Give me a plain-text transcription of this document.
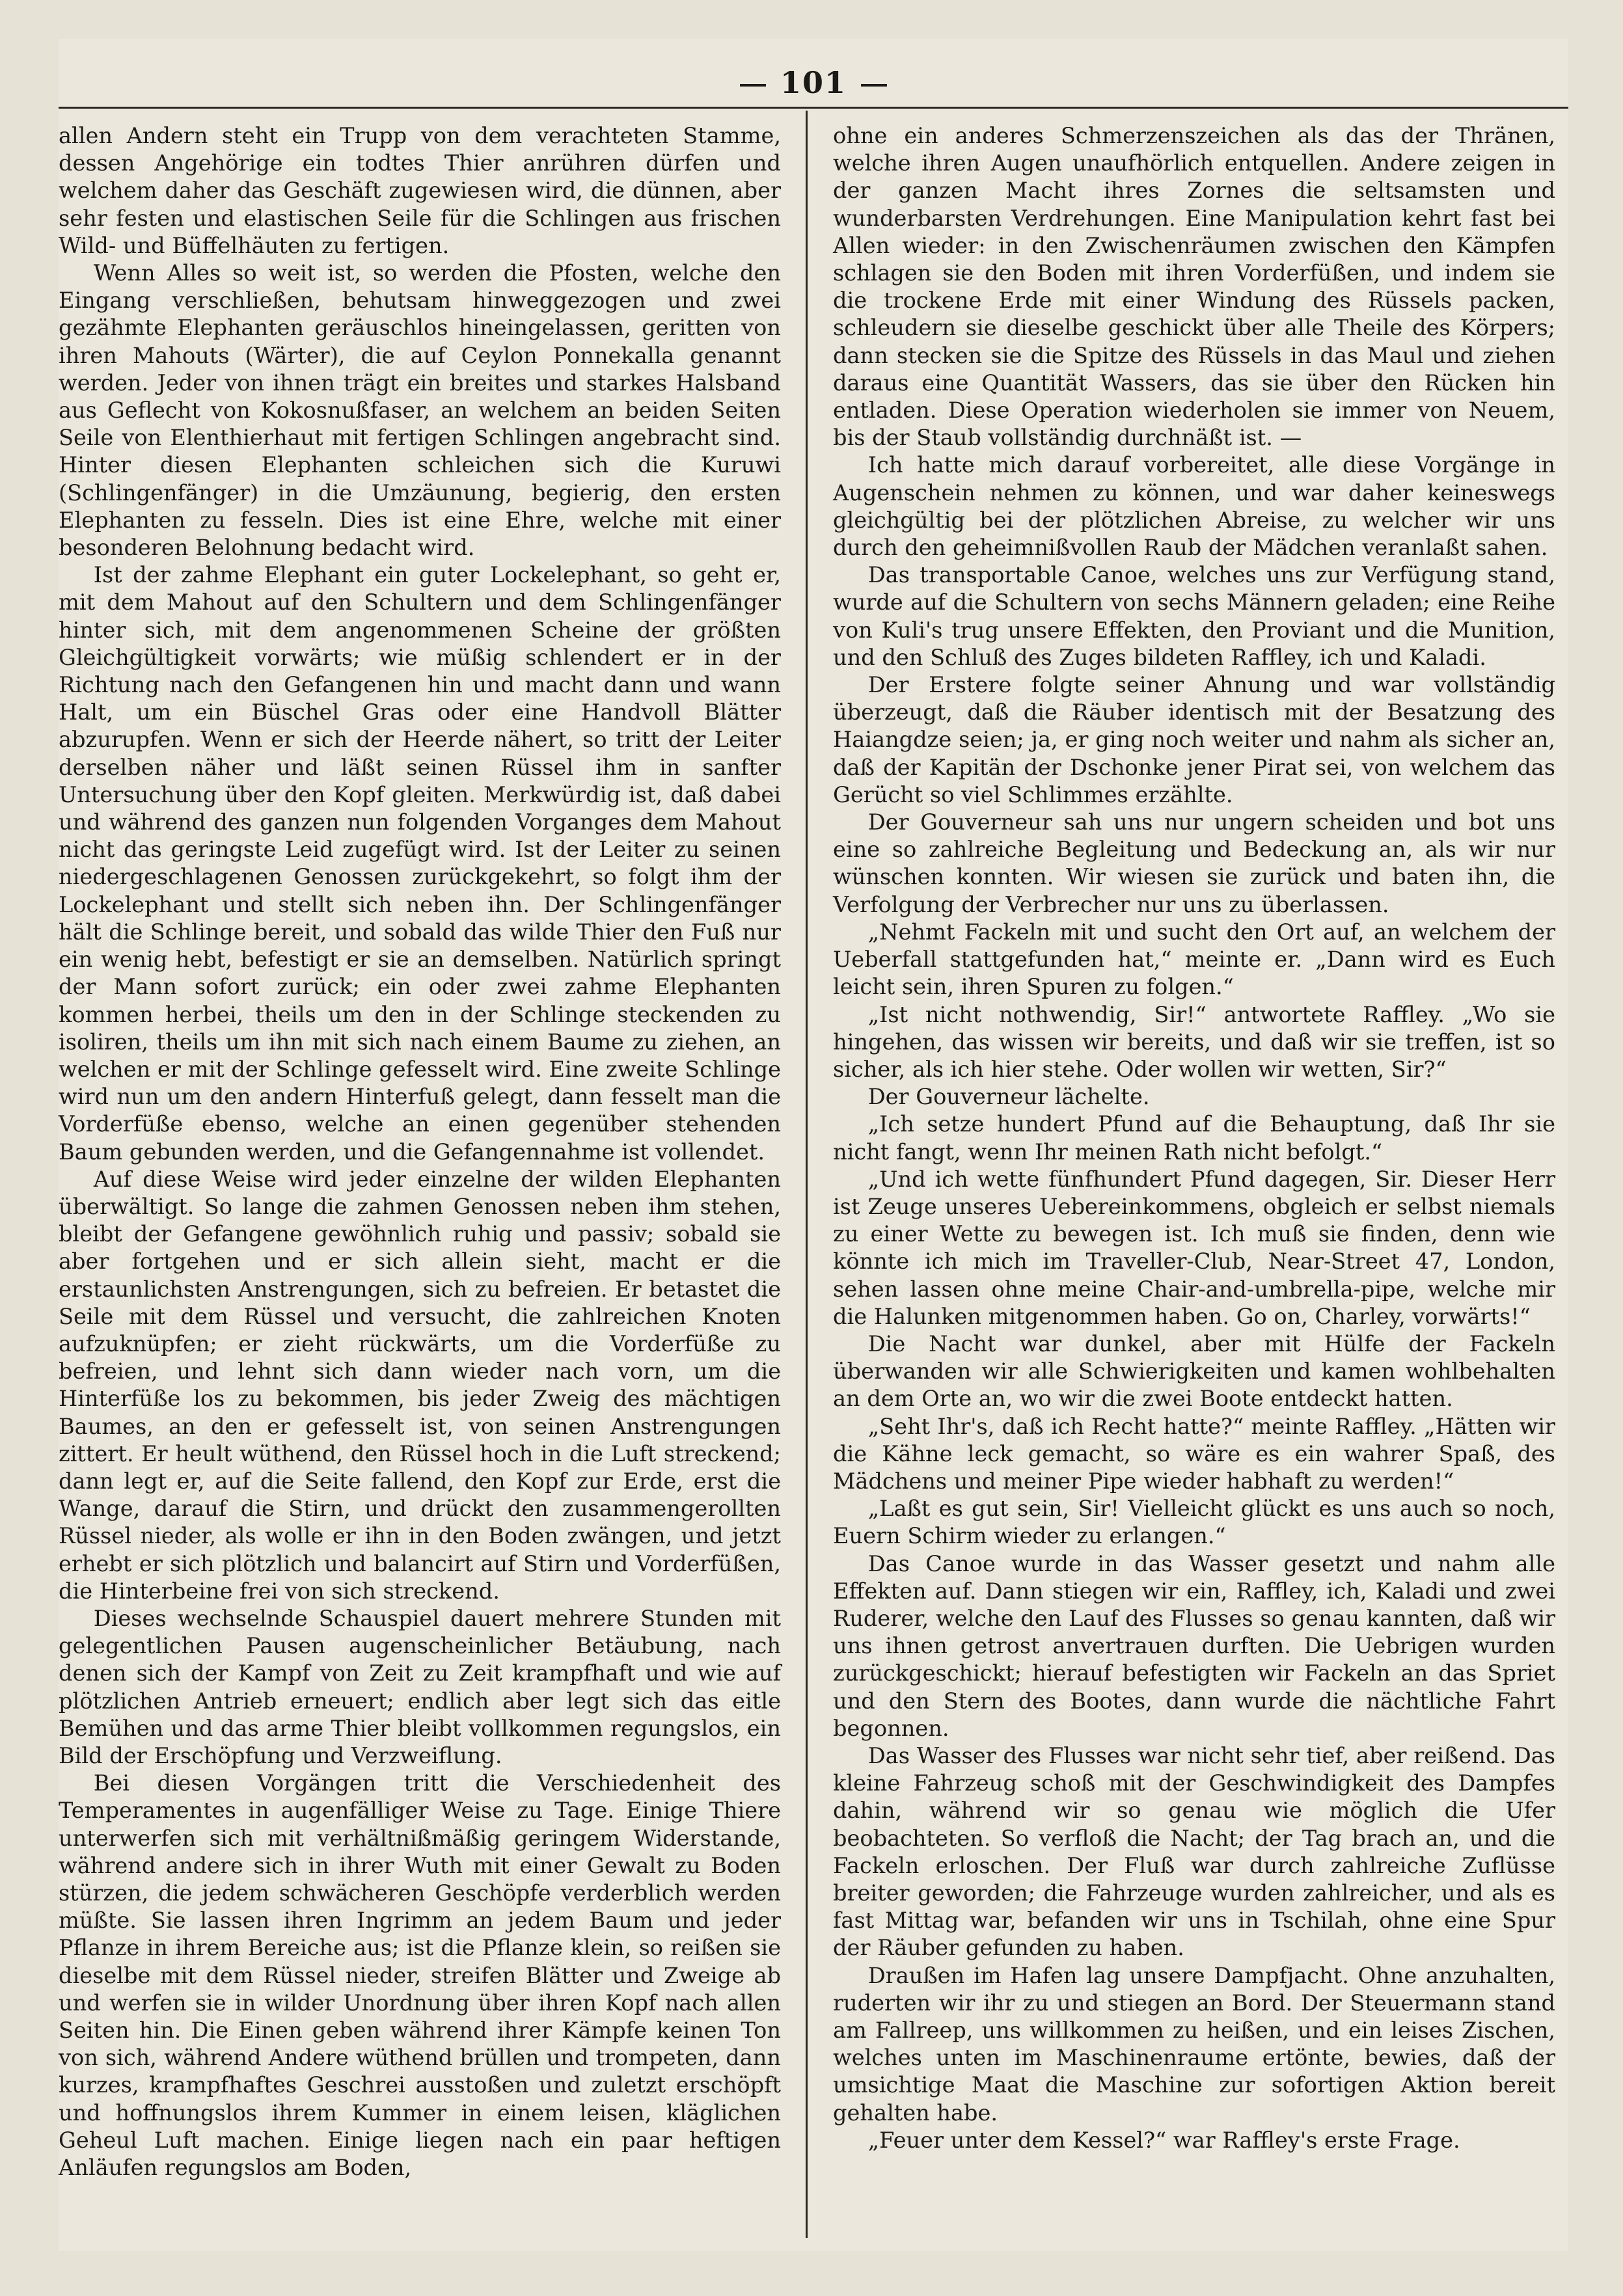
101

allen Andern steht ein Trupp von dem verachteten Stamme, dessen Angehörige ein todtes Thier anrühren dürfen und welchem daher das Geschäft zugewiesen wird, die dünnen, aber sehr festen und elastischen Seile für die Schlingen aus frischen Wild- und Büffelhäuten zu fertigen.

Wenn Alles so weit ist, so werden die Pfosten, welche den Eingang verschließen, behutsam hinweggezogen und zwei gezähmte Elephanten geräuschlos hineingelassen, geritten von ihren Mahouts (Wärter), die auf Ceylon Ponnekalla genannt werden. Jeder von ihnen trägt ein breites und starkes Halsband aus Geflecht von Kokosnußfaser, an welchem an beiden Seiten Seile von Elenthierhaut mit fertigen Schlingen angebracht sind. Hinter diesen Elephanten schleichen sich die Kuruwi (Schlingenfänger) in die Umzäunung, begierig, den ersten Elephanten zu fesseln. Dies ist eine Ehre, welche mit einer besonderen Belohnung bedacht wird.

Ist der zahme Elephant ein guter Lockelephant, so geht er, mit dem Mahout auf den Schultern und dem Schlingenfänger hinter sich, mit dem angenommenen Scheine der größten Gleichgültigkeit vorwärts; wie müßig schlendert er in der Richtung nach den Gefangenen hin und macht dann und wann Halt, um ein Büschel Gras oder eine Handvoll Blätter abzurupfen. Wenn er sich der Heerde nähert, so tritt der Leiter derselben näher und läßt seinen Rüssel ihm in sanfter Untersuchung über den Kopf gleiten. Merkwürdig ist, daß dabei und während des ganzen nun folgenden Vorganges dem Mahout nicht das geringste Leid zugefügt wird. Ist der Leiter zu seinen niedergeschlagenen Genossen zurückgekehrt, so folgt ihm der Lockelephant und stellt sich neben ihn. Der Schlingenfänger hält die Schlinge bereit, und sobald das wilde Thier den Fuß nur ein wenig hebt, befestigt er sie an demselben. Natürlich springt der Mann sofort zurück; ein oder zwei zahme Elephanten kommen herbei, theils um den in der Schlinge steckenden zu isoliren, theils um ihn mit sich nach einem Baume zu ziehen, an welchen er mit der Schlinge gefesselt wird. Eine zweite Schlinge wird nun um den andern Hinterfuß gelegt, dann fesselt man die Vorderfüße ebenso, welche an einen gegenüber stehenden Baum gebunden werden, und die Gefangennahme ist vollendet.

Auf diese Weise wird jeder einzelne der wilden Elephanten überwältigt. So lange die zahmen Genossen neben ihm stehen, bleibt der Gefangene gewöhnlich ruhig und passiv; sobald sie aber fortgehen und er sich allein sieht, macht er die erstaunlichsten Anstrengungen, sich zu befreien. Er betastet die Seile mit dem Rüssel und versucht, die zahlreichen Knoten aufzuknüpfen; er zieht rückwärts, um die Vorderfüße zu befreien, und lehnt sich dann wieder nach vorn, um die Hinterfüße los zu bekommen, bis jeder Zweig des mächtigen Baumes, an den er gefesselt ist, von seinen Anstrengungen zittert. Er heult wüthend, den Rüssel hoch in die Luft streckend; dann legt er, auf die Seite fallend, den Kopf zur Erde, erst die Wange, darauf die Stirn, und drückt den zusammengerollten Rüssel nieder, als wolle er ihn in den Boden zwängen, und jetzt erhebt er sich plötzlich und balancirt auf Stirn und Vorderfüßen, die Hinterbeine frei von sich streckend.

Dieses wechselnde Schauspiel dauert mehrere Stunden mit gelegentlichen Pausen augenscheinlicher Betäubung, nach denen sich der Kampf von Zeit zu Zeit krampfhaft und wie auf plötzlichen Antrieb erneuert; endlich aber legt sich das eitle Bemühen und das arme Thier bleibt vollkommen regungslos, ein Bild der Erschöpfung und Verzweiflung.

Bei diesen Vorgängen tritt die Verschiedenheit des Temperamentes in augenfälliger Weise zu Tage. Einige Thiere unterwerfen sich mit verhältnißmäßig geringem Widerstande, während andere sich in ihrer Wuth mit einer Gewalt zu Boden stürzen, die jedem schwächeren Geschöpfe verderblich werden müßte. Sie lassen ihren Ingrimm an jedem Baum und jeder Pflanze in ihrem Bereiche aus; ist die Pflanze klein, so reißen sie dieselbe mit dem Rüssel nieder, streifen Blätter und Zweige ab und werfen sie in wilder Unordnung über ihren Kopf nach allen Seiten hin. Die Einen geben während ihrer Kämpfe keinen Ton von sich, während Andere wüthend brüllen und trompeten, dann kurzes, krampfhaftes Geschrei ausstoßen und zuletzt erschöpft und hoffnungslos ihrem Kummer in einem leisen, kläglichen Geheul Luft machen. Einige liegen nach ein paar heftigen Anläufen regungslos am Boden,

ohne ein anderes Schmerzenszeichen als das der Thränen, welche ihren Augen unaufhörlich entquellen. Andere zeigen in der ganzen Macht ihres Zornes die seltsamsten und wunderbarsten Verdrehungen. Eine Manipulation kehrt fast bei Allen wieder: in den Zwischenräumen zwischen den Kämpfen schlagen sie den Boden mit ihren Vorderfüßen, und indem sie die trockene Erde mit einer Windung des Rüssels packen, schleudern sie dieselbe geschickt über alle Theile des Körpers; dann stecken sie die Spitze des Rüssels in das Maul und ziehen daraus eine Quantität Wassers, das sie über den Rücken hin entladen. Diese Operation wiederholen sie immer von Neuem, bis der Staub vollständig durchnäßt ist. —

Ich hatte mich darauf vorbereitet, alle diese Vorgänge in Augenschein nehmen zu können, und war daher keineswegs gleichgültig bei der plötzlichen Abreise, zu welcher wir uns durch den geheimnißvollen Raub der Mädchen veranlaßt sahen.

Das transportable Canoe, welches uns zur Verfügung stand, wurde auf die Schultern von sechs Männern geladen; eine Reihe von Kuli's trug unsere Effekten, den Proviant und die Munition, und den Schluß des Zuges bildeten Raffley, ich und Kaladi.

Der Erstere folgte seiner Ahnung und war vollständig überzeugt, daß die Räuber identisch mit der Besatzung des Haiangdze seien; ja, er ging noch weiter und nahm als sicher an, daß der Kapitän der Dschonke jener Pirat sei, von welchem das Gerücht so viel Schlimmes erzählte.

Der Gouverneur sah uns nur ungern scheiden und bot uns eine so zahlreiche Begleitung und Bedeckung an, als wir nur wünschen konnten. Wir wiesen sie zurück und baten ihn, die Verfolgung der Verbrecher nur uns zu überlassen.

„Nehmt Fackeln mit und sucht den Ort auf, an welchem der Ueberfall stattgefunden hat,“ meinte er. „Dann wird es Euch leicht sein, ihren Spuren zu folgen.“

„Ist nicht nothwendig, Sir!“ antwortete Raffley. „Wo sie hingehen, das wissen wir bereits, und daß wir sie treffen, ist so sicher, als ich hier stehe. Oder wollen wir wetten, Sir?“

Der Gouverneur lächelte.

„Ich setze hundert Pfund auf die Behauptung, daß Ihr sie nicht fangt, wenn Ihr meinen Rath nicht befolgt.“

„Und ich wette fünfhundert Pfund dagegen, Sir. Dieser Herr ist Zeuge unseres Uebereinkommens, obgleich er selbst niemals zu einer Wette zu bewegen ist. Ich muß sie finden, denn wie könnte ich mich im Traveller-Club, Near-Street 47, London, sehen lassen ohne meine Chair-and-umbrella-pipe, welche mir die Halunken mitgenommen haben. Go on, Charley, vorwärts!“

Die Nacht war dunkel, aber mit Hülfe der Fackeln überwanden wir alle Schwierigkeiten und kamen wohlbehalten an dem Orte an, wo wir die zwei Boote entdeckt hatten.

„Seht Ihr's, daß ich Recht hatte?“ meinte Raffley. „Hätten wir die Kähne leck gemacht, so wäre es ein wahrer Spaß, des Mädchens und meiner Pipe wieder habhaft zu werden!“

„Laßt es gut sein, Sir! Vielleicht glückt es uns auch so noch, Euern Schirm wieder zu erlangen.“

Das Canoe wurde in das Wasser gesetzt und nahm alle Effekten auf. Dann stiegen wir ein, Raffley, ich, Kaladi und zwei Ruderer, welche den Lauf des Flusses so genau kannten, daß wir uns ihnen getrost anvertrauen durften. Die Uebrigen wurden zurückgeschickt; hierauf befestigten wir Fackeln an das Spriet und den Stern des Bootes, dann wurde die nächtliche Fahrt begonnen.

Das Wasser des Flusses war nicht sehr tief, aber reißend. Das kleine Fahrzeug schoß mit der Geschwindigkeit des Dampfes dahin, während wir so genau wie möglich die Ufer beobachteten. So verfloß die Nacht; der Tag brach an, und die Fackeln erloschen. Der Fluß war durch zahlreiche Zuflüsse breiter geworden; die Fahrzeuge wurden zahlreicher, und als es fast Mittag war, befanden wir uns in Tschilah, ohne eine Spur der Räuber gefunden zu haben.

Draußen im Hafen lag unsere Dampfjacht. Ohne anzuhalten, ruderten wir ihr zu und stiegen an Bord. Der Steuermann stand am Fallreep, uns willkommen zu heißen, und ein leises Zischen, welches unten im Maschinenraume ertönte, bewies, daß der umsichtige Maat die Maschine zur sofortigen Aktion bereit gehalten habe.

„Feuer unter dem Kessel?“ war Raffley's erste Frage.
